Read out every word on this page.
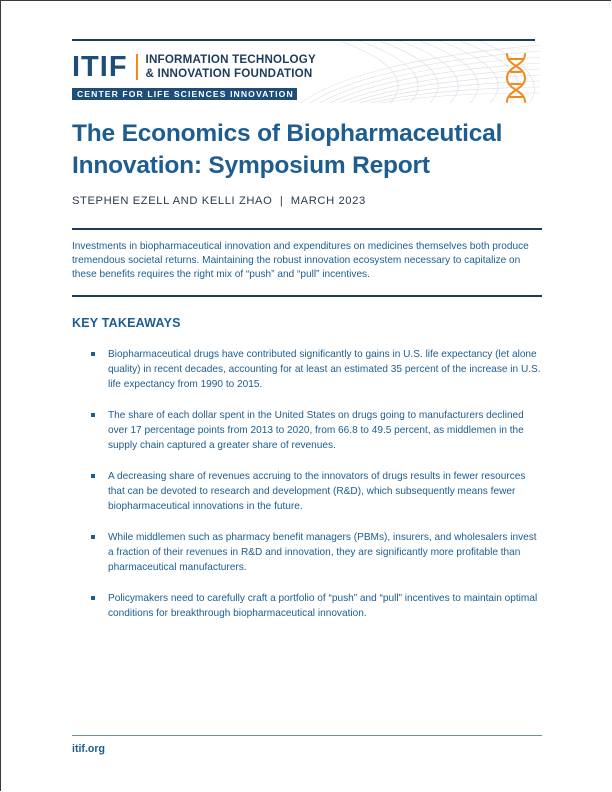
ITIF INFORMATION TECHNOLOGY
& INNOVATION FOUNDATION
CENTER FOR LIFE SCIENCES INNOVATION
The Economics of Biopharmaceutical
Innovation: Symposium Report
STEPHEN EZELL AND KELLI ZHAO  |  MARCH 2023

Investments in biopharmaceutical innovation and expenditures on medicines themselves both produce tremendous societal returns. Maintaining the robust innovation ecosystem necessary to capitalize on these benefits requires the right mix of “push” and “pull” incentives.

KEY TAKEAWAYS
Biopharmaceutical drugs have contributed significantly to gains in U.S. life expectancy (let alone quality) in recent decades, accounting for at least an estimated 35 percent of the increase in U.S. life expectancy from 1990 to 2015.
The share of each dollar spent in the United States on drugs going to manufacturers declined over 17 percentage points from 2013 to 2020, from 66.8 to 49.5 percent, as middlemen in the supply chain captured a greater share of revenues.
A decreasing share of revenues accruing to the innovators of drugs results in fewer resources that can be devoted to research and development (R&D), which subsequently means fewer biopharmaceutical innovations in the future.
While middlemen such as pharmacy benefit managers (PBMs), insurers, and wholesalers invest a fraction of their revenues in R&D and innovation, they are significantly more profitable than pharmaceutical manufacturers.
Policymakers need to carefully craft a portfolio of “push” and “pull” incentives to maintain optimal conditions for breakthrough biopharmaceutical innovation.
itif.org
